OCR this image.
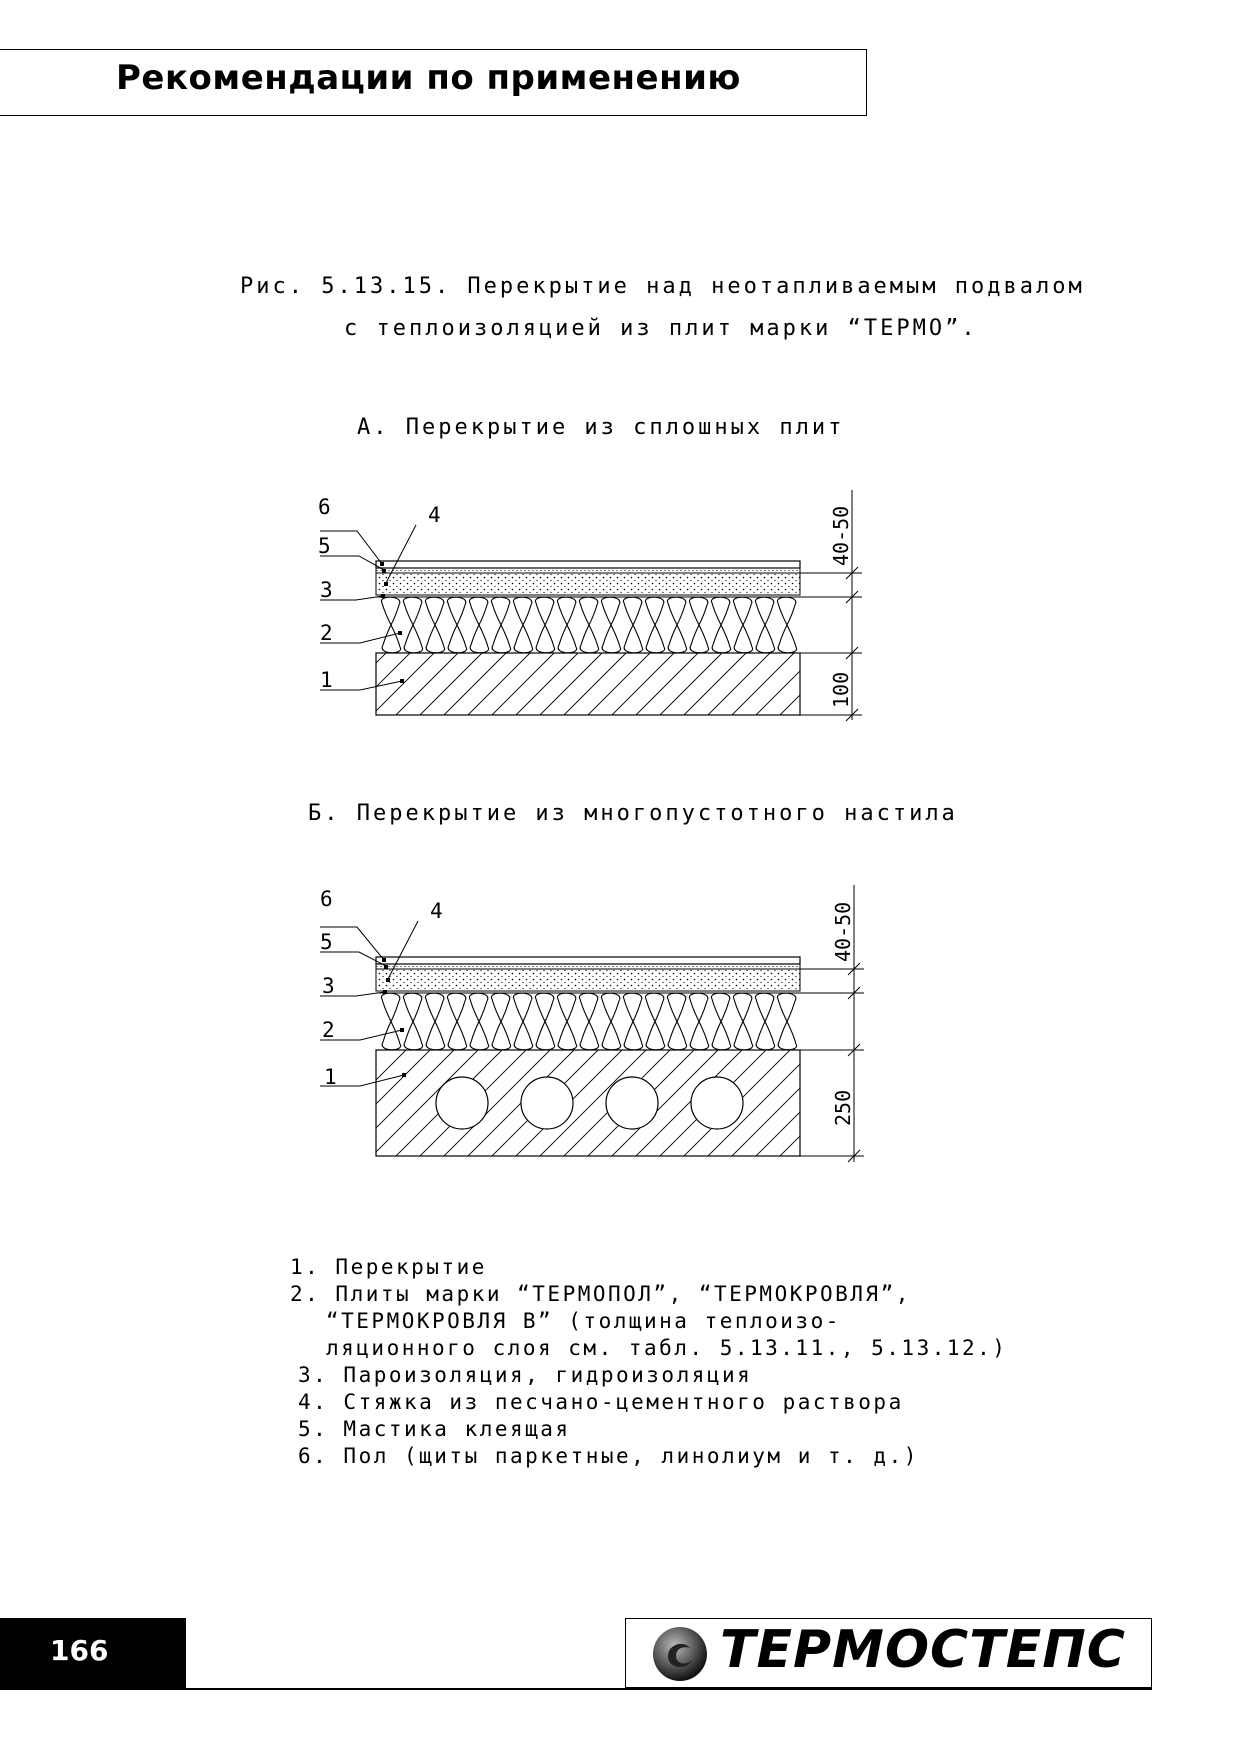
Рекомендации по применению
Рис. 5.13.15. Перекрытие над неотапливаемым подвалом
с теплоизоляцией из плит марки “ТЕРМО”.
А. Перекрытие из сплошных плит
6
5
4
3
2
1
40-50
100
Б. Перекрытие из многопустотного настила
6
5
4
3
2
1
40-50
250
1. Перекрытие
2. Плиты марки “ТЕРМОПОЛ”, “ТЕРМОКРОВЛЯ”,
“ТЕРМОКРОВЛЯ В” (толщина теплоизо-
ляционного слоя см. табл. 5.13.11., 5.13.12.)
3. Пароизоляция, гидроизоляция
4. Стяжка из песчано-цементного раствора
5. Мастика клеящая
6. Пол (щиты паркетные, линолиум и т. д.)
166	ТЕРМОСТЕПС
